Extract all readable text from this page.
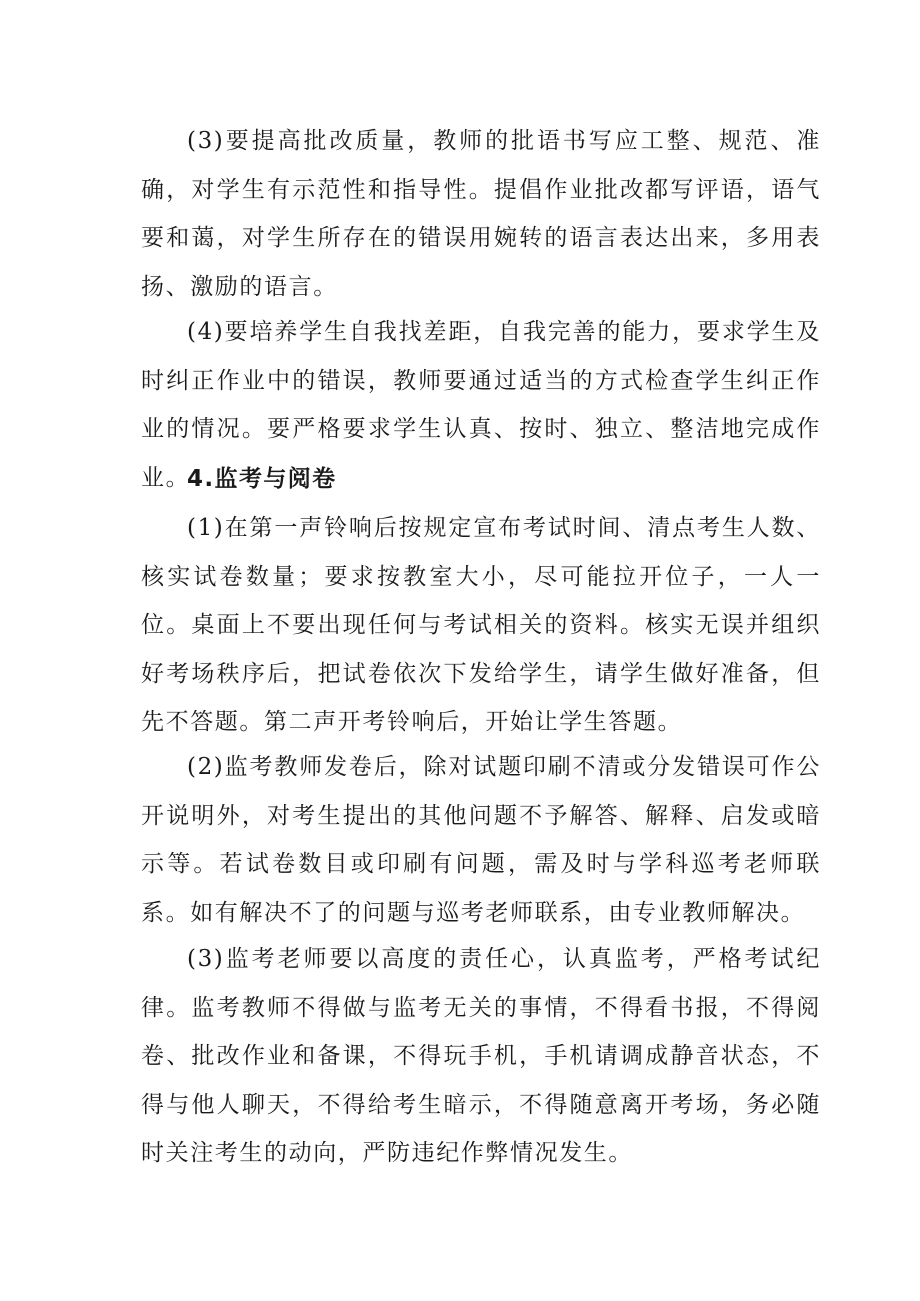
(3)要提高批改质量，教师的批语书写应工整、规范、准确，对学生有示范性和指导性。提倡作业批改都写评语，语气要和蔼，对学生所存在的错误用婉转的语言表达出来，多用表扬、激励的语言。

(4)要培养学生自我找差距，自我完善的能力，要求学生及时纠正作业中的错误，教师要通过适当的方式检查学生纠正作业的情况。要严格要求学生认真、按时、独立、整洁地完成作业。

4.监考与阅卷

(1)在第一声铃响后按规定宣布考试时间、清点考生人数、核实试卷数量；要求按教室大小，尽可能拉开位子，一人一位。桌面上不要出现任何与考试相关的资料。核实无误并组织好考场秩序后，把试卷依次下发给学生，请学生做好准备，但先不答题。第二声开考铃响后，开始让学生答题。

(2)监考教师发卷后，除对试题印刷不清或分发错误可作公开说明外，对考生提出的其他问题不予解答、解释、启发或暗示等。若试卷数目或印刷有问题，需及时与学科巡考老师联系。如有解决不了的问题与巡考老师联系，由专业教师解决。

(3)监考老师要以高度的责任心，认真监考，严格考试纪律。监考教师不得做与监考无关的事情，不得看书报，不得阅卷、批改作业和备课，不得玩手机，手机请调成静音状态，不得与他人聊天，不得给考生暗示，不得随意离开考场，务必随时关注考生的动向，严防违纪作弊情况发生。
